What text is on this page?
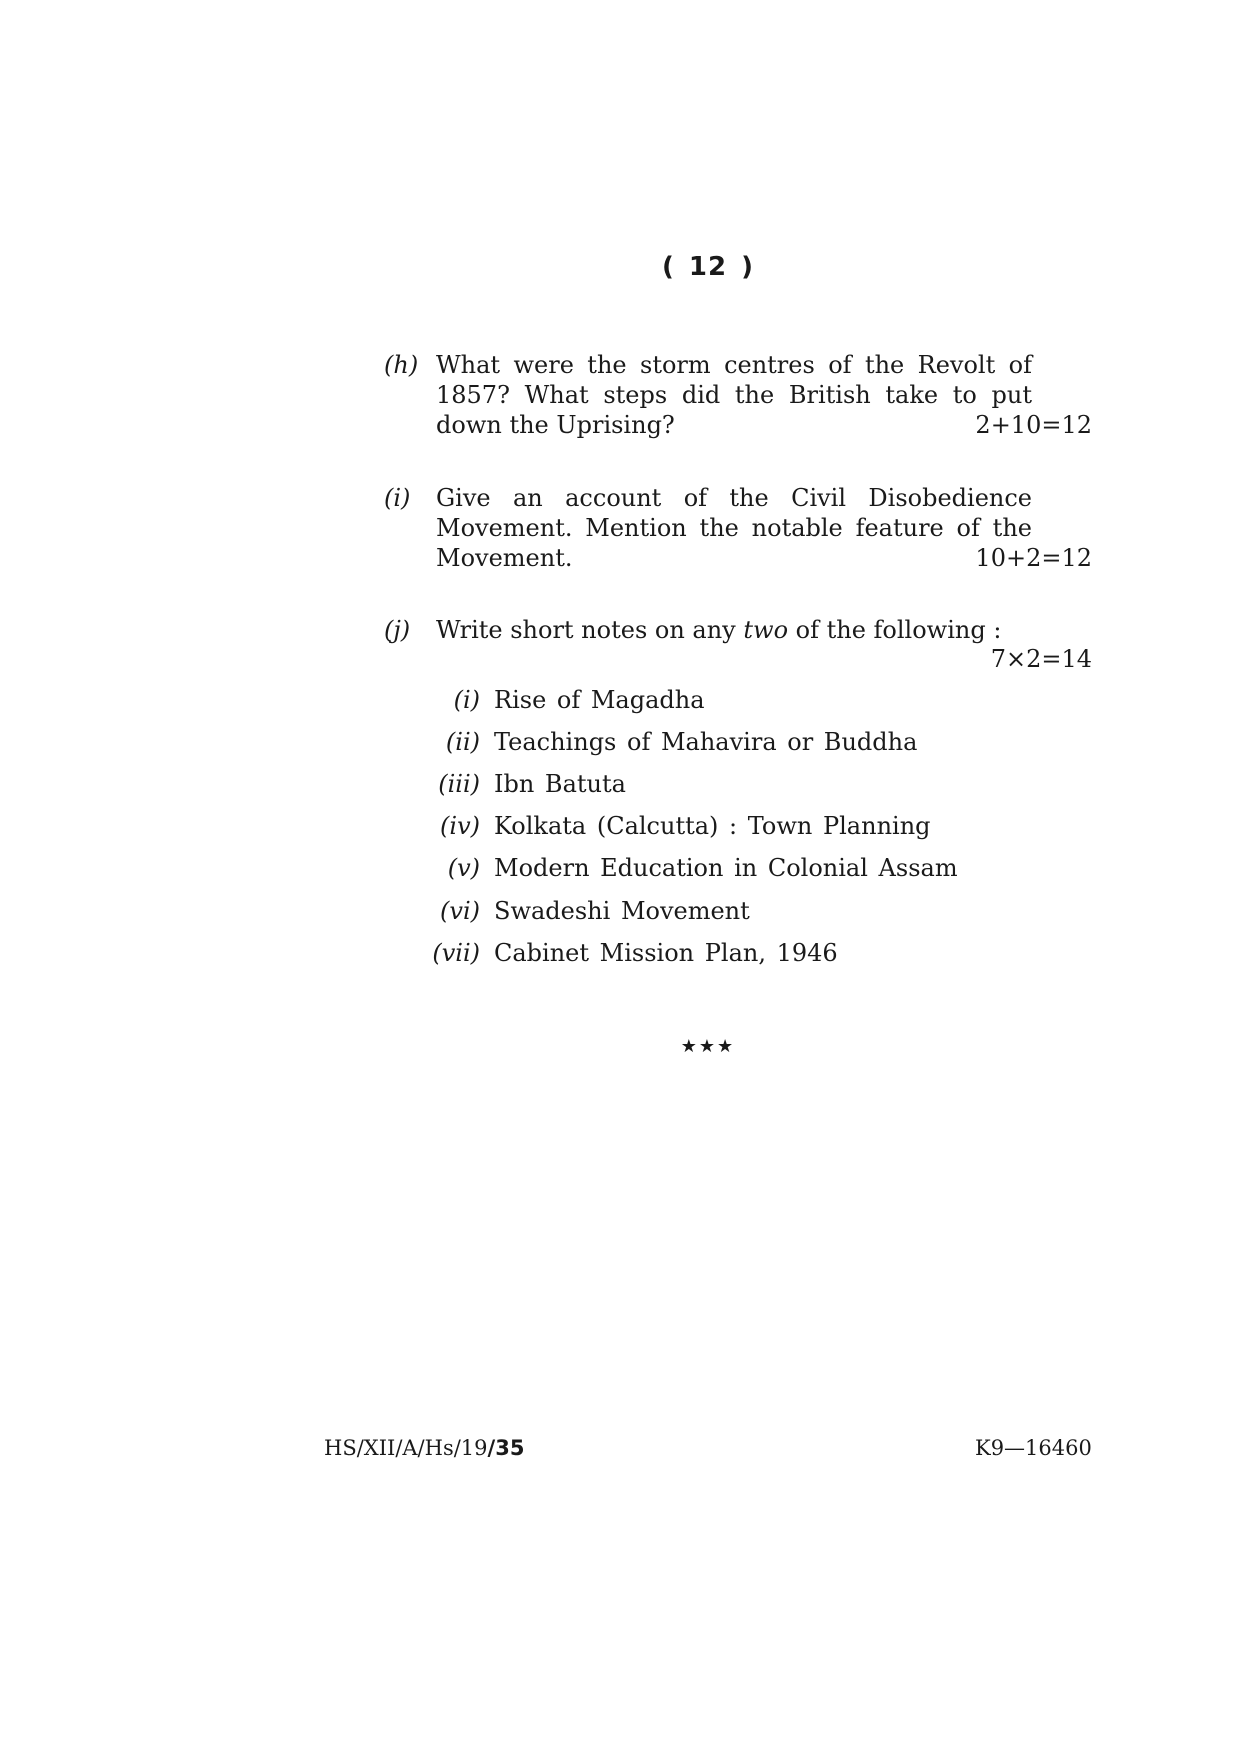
( 12 )
(h) What were the storm centres of the Revolt of
1857? What steps did the British take to put
down the Uprising?	2+10=12
(i) Give an account of the Civil Disobedience
Movement. Mention the notable feature of the
Movement.	10+2=12
(j) Write short notes on any two of the following :
7×2=14
(i) Rise of Magadha
(ii) Teachings of Mahavira or Buddha
(iii) Ibn Batuta
(iv) Kolkata (Calcutta) : Town Planning
(v) Modern Education in Colonial Assam
(vi) Swadeshi Movement
(vii) Cabinet Mission Plan, 1946
★★★
HS/XII/A/Hs/19/35	K9—16460
